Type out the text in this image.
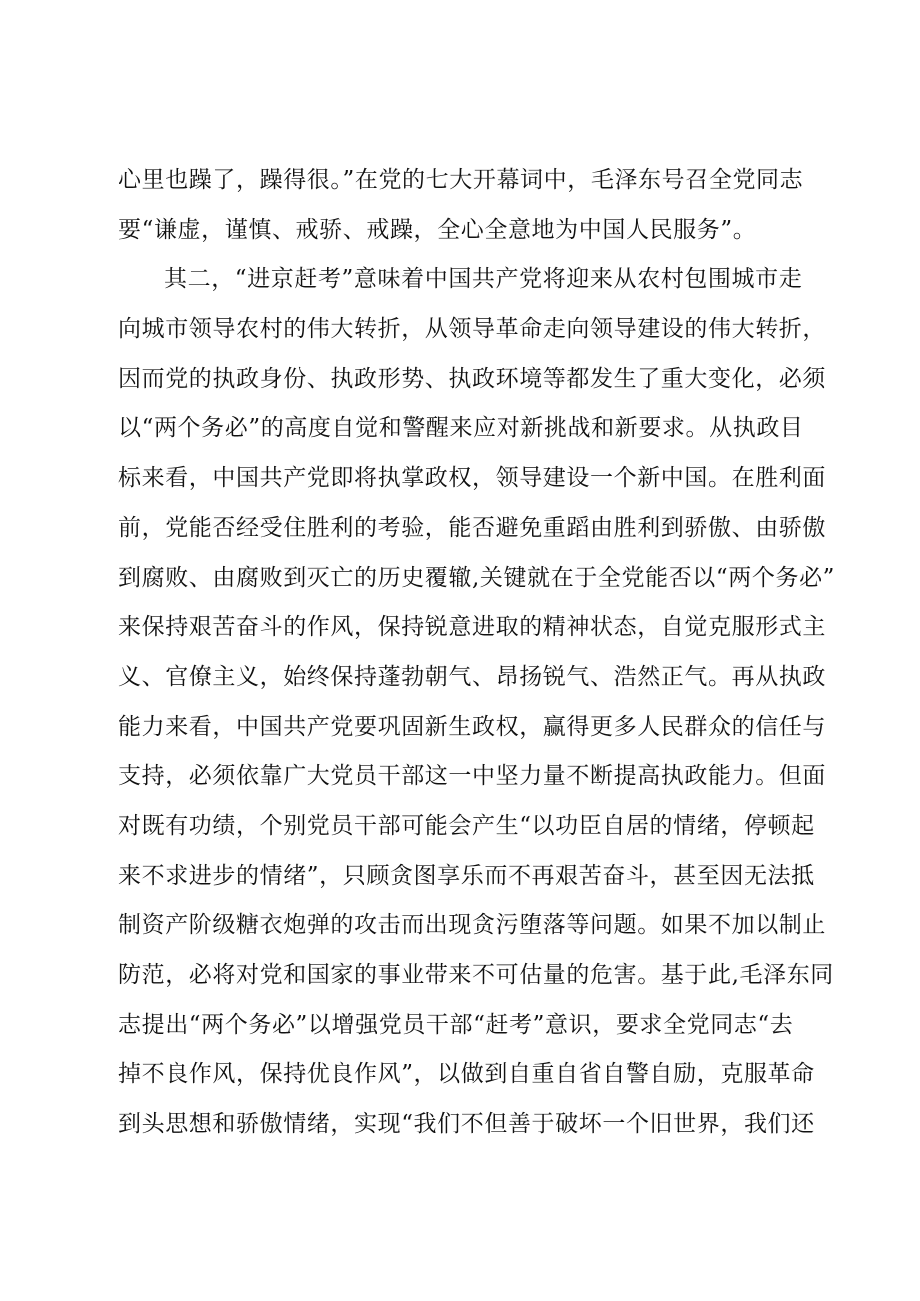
心里也躁了，躁得很。”在党的七大开幕词中，毛泽东号召全党同志
要“谦虚，谨慎、戒骄、戒躁，全心全意地为中国人民服务”。
其二，“进京赶考”意味着中国共产党将迎来从农村包围城市走
向城市领导农村的伟大转折，从领导革命走向领导建设的伟大转折，
因而党的执政身份、执政形势、执政环境等都发生了重大变化，必须
以“两个务必”的高度自觉和警醒来应对新挑战和新要求。从执政目
标来看，中国共产党即将执掌政权，领导建设一个新中国。在胜利面
前，党能否经受住胜利的考验，能否避免重蹈由胜利到骄傲、由骄傲
到腐败、由腐败到灭亡的历史覆辙,关键就在于全党能否以“两个务必”
来保持艰苦奋斗的作风，保持锐意进取的精神状态，自觉克服形式主
义、官僚主义，始终保持蓬勃朝气、昂扬锐气、浩然正气。再从执政
能力来看，中国共产党要巩固新生政权，赢得更多人民群众的信任与
支持，必须依靠广大党员干部这一中坚力量不断提高执政能力。但面
对既有功绩，个别党员干部可能会产生“以功臣自居的情绪，停顿起
来不求进步的情绪”，只顾贪图享乐而不再艰苦奋斗，甚至因无法抵
制资产阶级糖衣炮弹的攻击而出现贪污堕落等问题。如果不加以制止
防范，必将对党和国家的事业带来不可估量的危害。基于此,毛泽东同
志提出“两个务必”以增强党员干部“赶考”意识，要求全党同志“去
掉不良作风，保持优良作风”，以做到自重自省自警自励，克服革命
到头思想和骄傲情绪，实现“我们不但善于破坏一个旧世界，我们还
